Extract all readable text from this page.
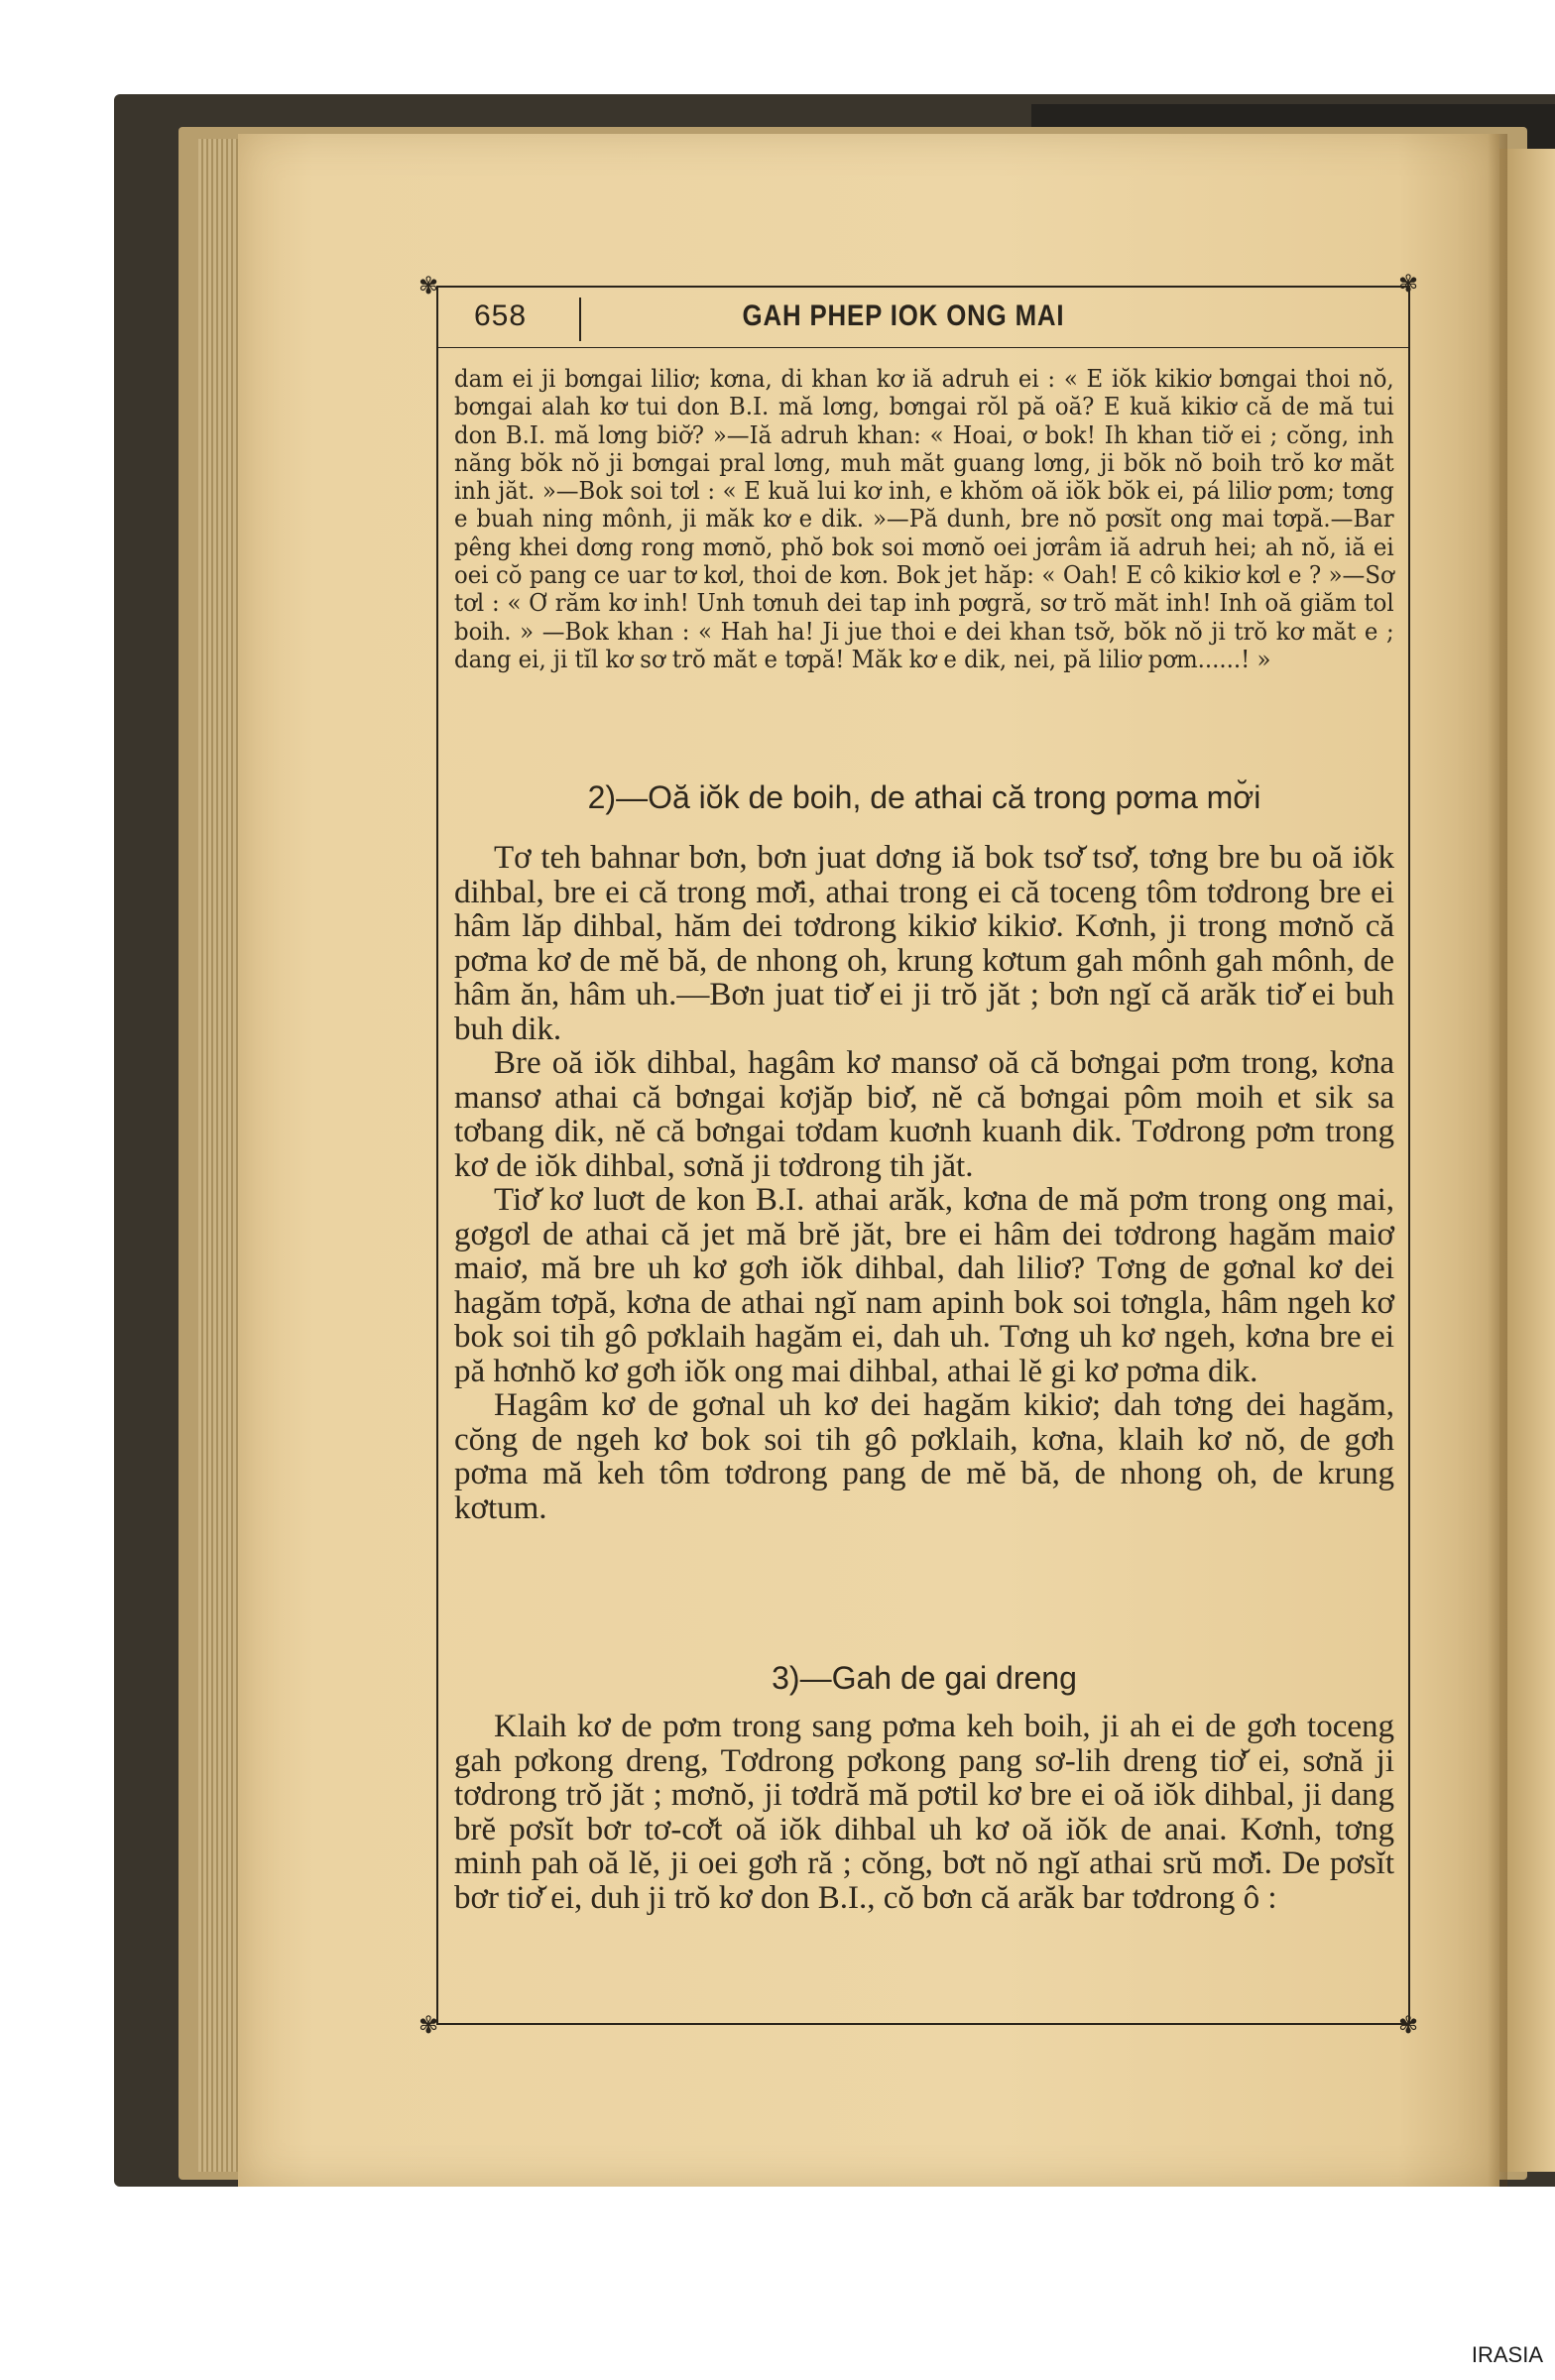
✾	✾
✾	✾
658	GAH PHEP IOK ONG MAI

dam ei ji bơngai liliơ; kơna, di khan kơ iă adruh ei : « E iŏk kikiơ bơngai thoi nŏ, bơngai alah kơ tui don B.I. mă lơng, bơngai rŏl pă oă? E kuă kikiơ că de mă tui don B.I. mă lơng biơ̆? »—Iă adruh khan: « Hoai, ơ bok! Ih khan tiơ̆ ei ; cŏng, inh năng bŏk nŏ ji bơngai pral lơng, muh măt guang lơng, ji bŏk nŏ boih trŏ kơ măt inh jăt. »—Bok soi tơl : « E kuă lui kơ inh, e khŏm oă iŏk bŏk ei, pá liliơ pơm; tơng e buah ning mônh, ji măk kơ e dik. »—Pă dunh, bre nŏ pơsĭt ong mai tơpă.—Bar pêng khei dơng rong mơnŏ, phŏ bok soi mơnŏ oei jơrâm iă adruh hei; ah nŏ, iă ei oei cŏ pang ce uar tơ kơl, thoi de kơn. Bok jet hăp: « Oah! E cô kikiơ kơl e ? »—Sơ tơl : « Ơ răm kơ inh! Unh tơnuh dei tap inh pơgră, sơ trŏ măt inh! Inh oă giăm tol boih. » —Bok khan : « Hah ha! Ji jue thoi e dei khan tsơ̆, bŏk nŏ ji trŏ kơ măt e ; dang ei, ji tĭl kơ sơ trŏ măt e tơpă! Măk kơ e dik, nei, pă liliơ pơm......! »

2)—Oă iŏk de boih, de athai că trong pơma mơ̆i

Tơ teh bahnar bơn, bơn juat dơng iă bok tsơ̆ tsơ̆, tơng bre bu oă iŏk dihbal, bre ei că trong mơ̆i, athai trong ei că toceng tôm tơdrong bre ei hâm lăp dihbal, hăm dei tơdrong kikiơ kikiơ. Kơnh, ji trong mơnŏ că pơma kơ de mĕ bă, de nhong oh, krung kơtum gah mônh gah mônh, de hâm ăn, hâm uh.—Bơn juat tiơ̆ ei ji trŏ jăt ; bơn ngĭ că arăk tiơ̆ ei buh buh dik.

Bre oă iŏk dihbal, hagâm kơ mansơ oă că bơngai pơm trong, kơna mansơ athai că bơngai kơjăp biơ̆, nĕ că bơngai pôm moih et sik sa tơbang dik, nĕ că bơngai tơdam kuơnh kuanh dik. Tơdrong pơm trong kơ de iŏk dihbal, sơnă ji tơdrong tih jăt.

Tiơ̆ kơ luơt de kon B.I. athai arăk, kơna de mă pơm trong ong mai, gơgơl de athai că jet mă brĕ jăt, bre ei hâm dei tơdrong hagăm maiơ maiơ, mă bre uh kơ gơh iŏk dihbal, dah liliơ? Tơng de gơnal kơ dei hagăm tơpă, kơna de athai ngĭ nam apinh bok soi tơngla, hâm ngeh kơ bok soi tih gô pơklaih hagăm ei, dah uh. Tơng uh kơ ngeh, kơna bre ei pă hơnhŏ kơ gơh iŏk ong mai dihbal, athai lĕ gi kơ pơma dik.

Hagâm kơ de gơnal uh kơ dei hagăm kikiơ; dah tơng dei hagăm, cŏng de ngeh kơ bok soi tih gô pơklaih, kơna, klaih kơ nŏ, de gơh pơma mă keh tôm tơdrong pang de mĕ bă, de nhong oh, de krung kơtum.

3)—Gah de gai dreng

Klaih kơ de pơm trong sang pơma keh boih, ji ah ei de gơh toceng gah pơkong dreng, Tơdrong pơkong pang sơ-lih dreng tiơ̆ ei, sơnă ji tơdrong trŏ jăt ; mơnŏ, ji tơdră mă pơtil kơ bre ei oă iŏk dihbal, ji dang brĕ pơsĭt bơr tơ-cơ̆t oă iŏk dihbal uh kơ oă iŏk de anai. Kơnh, tơng minh pah oă lĕ, ji oei gơh ră ; cŏng, bơt nŏ ngĭ athai srŭ mơ̆i. De pơsĭt bơr tiơ̆ ei, duh ji trŏ kơ don B.I., cŏ bơn că arăk bar tơdrong ô :

IRASIA
